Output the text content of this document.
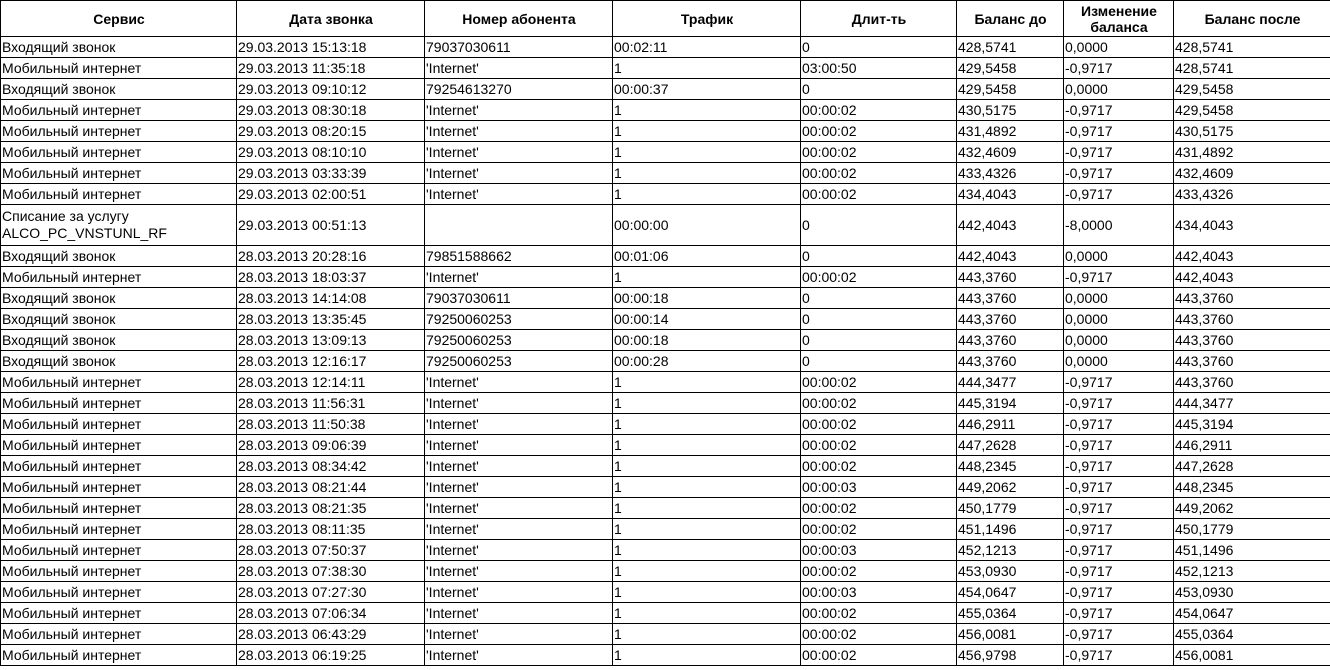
Сервис	Дата звонка	Номер абонента	Трафик	Длит-ть	Баланс до	Изменение баланса	Баланс после
Входящий звонок	29.03.2013 15:13:18	79037030611	00:02:11	0	428,5741	0,0000	428,5741
Мобильный интернет	29.03.2013 11:35:18	'Internet'	1	03:00:50	429,5458	-0,9717	428,5741
Входящий звонок	29.03.2013 09:10:12	79254613270	00:00:37	0	429,5458	0,0000	429,5458
Мобильный интернет	29.03.2013 08:30:18	'Internet'	1	00:00:02	430,5175	-0,9717	429,5458
Мобильный интернет	29.03.2013 08:20:15	'Internet'	1	00:00:02	431,4892	-0,9717	430,5175
Мобильный интернет	29.03.2013 08:10:10	'Internet'	1	00:00:02	432,4609	-0,9717	431,4892
Мобильный интернет	29.03.2013 03:33:39	'Internet'	1	00:00:02	433,4326	-0,9717	432,4609
Мобильный интернет	29.03.2013 02:00:51	'Internet'	1	00:00:02	434,4043	-0,9717	433,4326
Списание за услугу ALCO_PC_VNSTUNL_RF	29.03.2013 00:51:13		00:00:00	0	442,4043	-8,0000	434,4043
Входящий звонок	28.03.2013 20:28:16	79851588662	00:01:06	0	442,4043	0,0000	442,4043
Мобильный интернет	28.03.2013 18:03:37	'Internet'	1	00:00:02	443,3760	-0,9717	442,4043
Входящий звонок	28.03.2013 14:14:08	79037030611	00:00:18	0	443,3760	0,0000	443,3760
Входящий звонок	28.03.2013 13:35:45	79250060253	00:00:14	0	443,3760	0,0000	443,3760
Входящий звонок	28.03.2013 13:09:13	79250060253	00:00:18	0	443,3760	0,0000	443,3760
Входящий звонок	28.03.2013 12:16:17	79250060253	00:00:28	0	443,3760	0,0000	443,3760
Мобильный интернет	28.03.2013 12:14:11	'Internet'	1	00:00:02	444,3477	-0,9717	443,3760
Мобильный интернет	28.03.2013 11:56:31	'Internet'	1	00:00:02	445,3194	-0,9717	444,3477
Мобильный интернет	28.03.2013 11:50:38	'Internet'	1	00:00:02	446,2911	-0,9717	445,3194
Мобильный интернет	28.03.2013 09:06:39	'Internet'	1	00:00:02	447,2628	-0,9717	446,2911
Мобильный интернет	28.03.2013 08:34:42	'Internet'	1	00:00:02	448,2345	-0,9717	447,2628
Мобильный интернет	28.03.2013 08:21:44	'Internet'	1	00:00:03	449,2062	-0,9717	448,2345
Мобильный интернет	28.03.2013 08:21:35	'Internet'	1	00:00:02	450,1779	-0,9717	449,2062
Мобильный интернет	28.03.2013 08:11:35	'Internet'	1	00:00:02	451,1496	-0,9717	450,1779
Мобильный интернет	28.03.2013 07:50:37	'Internet'	1	00:00:03	452,1213	-0,9717	451,1496
Мобильный интернет	28.03.2013 07:38:30	'Internet'	1	00:00:02	453,0930	-0,9717	452,1213
Мобильный интернет	28.03.2013 07:27:30	'Internet'	1	00:00:03	454,0647	-0,9717	453,0930
Мобильный интернет	28.03.2013 07:06:34	'Internet'	1	00:00:02	455,0364	-0,9717	454,0647
Мобильный интернет	28.03.2013 06:43:29	'Internet'	1	00:00:02	456,0081	-0,9717	455,0364
Мобильный интернет	28.03.2013 06:19:25	'Internet'	1	00:00:02	456,9798	-0,9717	456,0081
